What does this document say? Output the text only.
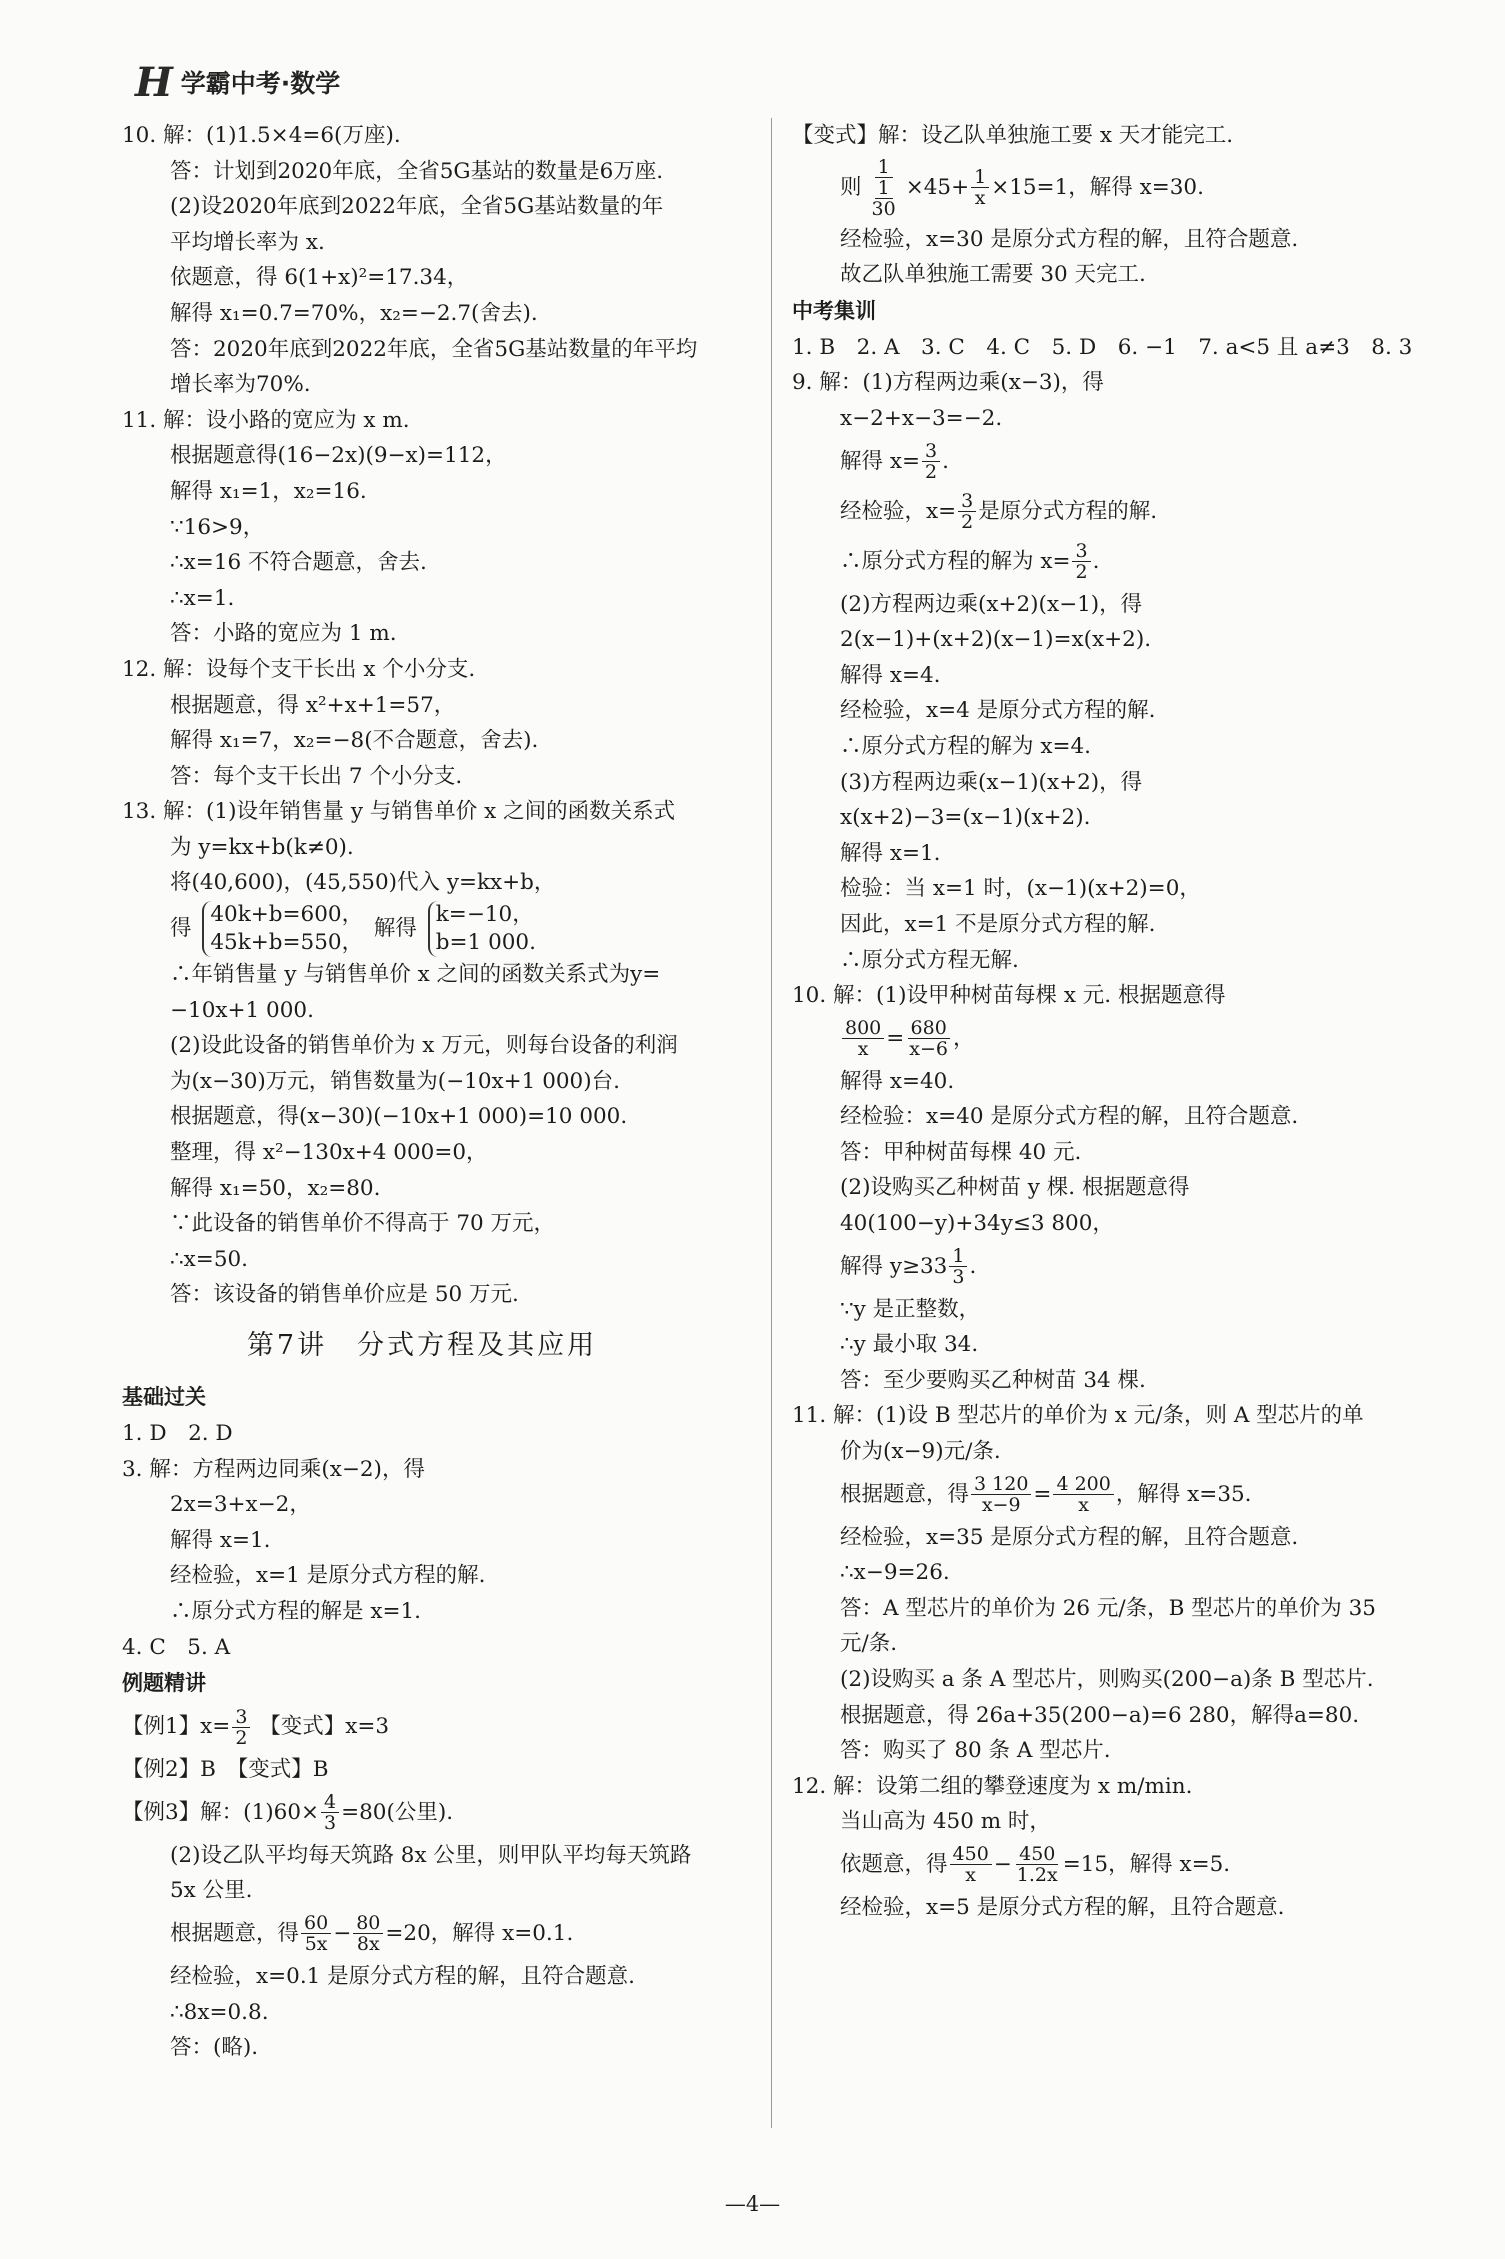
H 学霸中考·数学
10. 解：(1)1.5×4=6(万座).
答：计划到2020年底，全省5G基站的数量是6万座.
(2)设2020年底到2022年底，全省5G基站数量的年
平均增长率为 x.
依题意，得 6(1+x)²=17.34，
解得 x₁=0.7=70%，x₂=−2.7(舍去).
答：2020年底到2022年底，全省5G基站数量的年平均
增长率为70%.
11. 解：设小路的宽应为 x m.
根据题意得(16−2x)(9−x)=112，
解得 x₁=1，x₂=16.
∵16>9，
∴x=16 不符合题意，舍去.
∴x=1.
答：小路的宽应为 1 m.
12. 解：设每个支干长出 x 个小分支.
根据题意，得 x²+x+1=57，
解得 x₁=7，x₂=−8(不合题意，舍去).
答：每个支干长出 7 个小分支.
13. 解：(1)设年销售量 y 与销售单价 x 之间的函数关系式
为 y=kx+b(k≠0).
将(40,600)，(45,550)代入 y=kx+b，
得
40k+b=600，
45k+b=550，
解得
k=−10，
b=1 000.
∴年销售量 y 与销售单价 x 之间的函数关系式为y=
−10x+1 000.
(2)设此设备的销售单价为 x 万元，则每台设备的利润
为(x−30)万元，销售数量为(−10x+1 000)台.
根据题意，得(x−30)(−10x+1 000)=10 000.
整理，得 x²−130x+4 000=0，
解得 x₁=50，x₂=80.
∵此设备的销售单价不得高于 70 万元，
∴x=50.
答：该设备的销售单价应是 50 万元.
第7讲　分式方程及其应用
基础过关
1. D　2. D
3. 解：方程两边同乘(x−2)，得
2x=3+x−2，
解得 x=1.
经检验，x=1 是原分式方程的解.
∴原分式方程的解是 x=1.
4. C　5. A
例题精讲
【例1】$x= \frac{3}{2}$ 【变式】x=3
【例2】B　【变式】B
【例3】解：$(1)60\times \frac{4}{3} =80$(公里).
(2)设乙队平均每天筑路 8x 公里，则甲队平均每天筑路
5x 公里.
根据题意，得 $\frac{60}{5x} - \frac{80}{8x} =20$，解得 x=0.1.
经检验，x=0.1 是原分式方程的解，且符合题意.
∴8x=0.8.
答：(略).
【变式】解：设乙队单独施工要 x 天才能完工.
则 $\frac{1}{\frac{1}{30}} \times 45+ \frac{1}{x} \times 15=1$，解得 x=30.
经检验，x=30 是原分式方程的解，且符合题意.
故乙队单独施工需要 30 天完工.
中考集训
1. B　2. A　3. C　4. C　5. D　6. −1　7. a<5 且 a≠3　8. 3
9. 解：(1)方程两边乘(x−3)，得
x−2+x−3=−2.
解得 $x= \frac{3}{2}$ .
经检验，$x= \frac{3}{2}$ 是原分式方程的解.
∴原分式方程的解为 $x= \frac{3}{2}$ .
(2)方程两边乘(x+2)(x−1)，得
2(x−1)+(x+2)(x−1)=x(x+2).
解得 x=4.
经检验，x=4 是原分式方程的解.
∴原分式方程的解为 x=4.
(3)方程两边乘(x−1)(x+2)，得
x(x+2)−3=(x−1)(x+2).
解得 x=1.
检验：当 x=1 时，(x−1)(x+2)=0，
因此，x=1 不是原分式方程的解.
∴原分式方程无解.
10. 解：(1)设甲种树苗每棵 x 元. 根据题意得
$\frac{800}{x} = \frac{680}{x-6}$ ，
解得 x=40.
经检验：x=40 是原分式方程的解，且符合题意.
答：甲种树苗每棵 40 元.
(2)设购买乙种树苗 y 棵. 根据题意得
40(100−y)+34y≤3 800，
解得 $y\ge 33 \frac{1}{3}$ .
∵y 是正整数，
∴y 最小取 34.
答：至少要购买乙种树苗 34 棵.
11. 解：(1)设 B 型芯片的单价为 x 元/条，则 A 型芯片的单
价为(x−9)元/条.
根据题意，得 $\frac{3 120}{x-9} = \frac{4 200}{x}$ ，解得 x=35.
经检验，x=35 是原分式方程的解，且符合题意.
∴x−9=26.
答：A 型芯片的单价为 26 元/条，B 型芯片的单价为 35
元/条.
(2)设购买 a 条 A 型芯片，则购买(200−a)条 B 型芯片.
根据题意，得 26a+35(200−a)=6 280，解得a=80.
答：购买了 80 条 A 型芯片.
12. 解：设第二组的攀登速度为 x m/min.
当山高为 450 m 时，
依题意，得 $\frac{450}{x} - \frac{450}{1.2x} =15$，解得 x=5.
经检验，x=5 是原分式方程的解，且符合题意.
—4—
